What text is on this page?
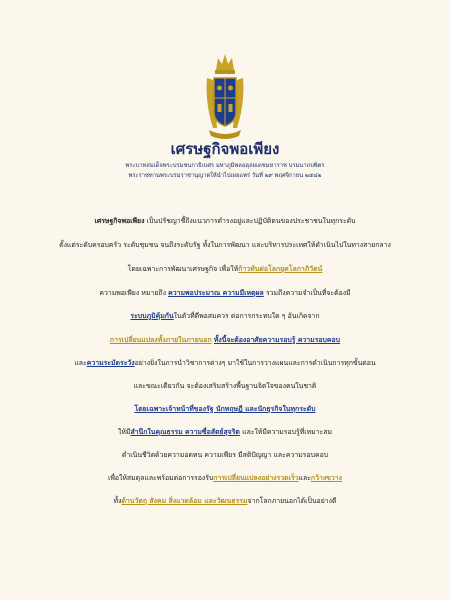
เศรษฐกิจพอเพียง
พระบาทสมเด็จพระบรมชนกาธิเบศร มหาภูมิพลอดุลยเดชมหาราช บรมนาถบพิตร
พระราชทานพระบรมราชานุญาตให้นำไปเผยแพร่ วันที่ ๒๙ พฤศจิกายน ๒๕๔๒
เศรษฐกิจพอเพียง เป็นปรัชญาชี้ถึงแนวการดำรงอยู่และปฏิบัติตนของประชาชนในทุกระดับ
ตั้งแต่ระดับครอบครัว ระดับชุมชน จนถึงระดับรัฐ ทั้งในการพัฒนา และบริหารประเทศให้ดำเนินไปในทางสายกลาง
โดยเฉพาะการพัฒนาเศรษฐกิจ เพื่อให้ก้าวทันต่อโลกยุคโลกาภิวัตน์
ความพอเพียง หมายถึง ความพอประมาณ ความมีเหตุผล รวมถึงความจำเป็นที่จะต้องมี
ระบบภูมิคุ้มกันในตัวที่ดีพอสมควร ต่อการกระทบใด ๆ อันเกิดจาก
การเปลี่ยนแปลงทั้งภายในภายนอก ทั้งนี้จะต้องอาศัยความรอบรู้ ความรอบคอบ
และความระมัดระวังอย่างยิ่งในการนำวิชาการต่างๆ มาใช้ในการวางแผนและการดำเนินการทุกขั้นตอน
และขณะเดียวกัน จะต้องเสริมสร้างพื้นฐานจิตใจของคนในชาติ
โดยเฉพาะเจ้าหน้าที่ของรัฐ นักทฤษฎี และนักธุรกิจในทุกระดับ
ให้มีสำนึกในคุณธรรม ความซื่อสัตย์สุจริต และให้มีความรอบรู้ที่เหมาะสม
ดำเนินชีวิตด้วยความอดทน ความเพียร มีสติปัญญา และความรอบคอบ
เพื่อให้สมดุลและพร้อมต่อการรองรับการเปลี่ยนแปลงอย่างรวดเร็วและกว้างขวาง
ทั้งด้านวัตถุ สังคม สิ่งแวดล้อม และวัฒนธรรมจากโลกภายนอกได้เป็นอย่างดี
